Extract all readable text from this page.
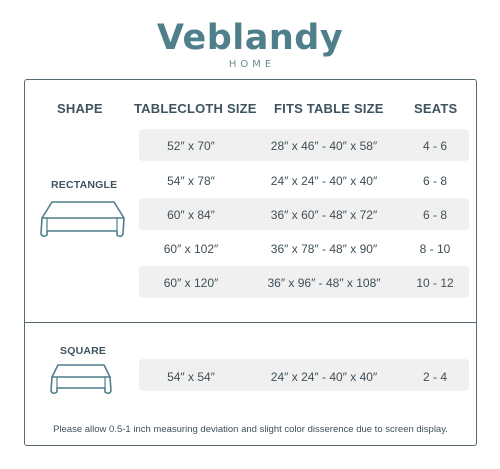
Veblandy
HOME
SHAPE TABLECLOTH SIZE FITS TABLE SIZE SEATS
RECTANGLE
52″ x 70″	28″ x 46″ - 40″ x 58″	4 - 6
54″ x 78″	24″ x 24″ - 40″ x 40″	6 - 8
60″ x 84″	36″ x 60″ - 48″ x 72″	6 - 8
60″ x 102″	36″ x 78″ - 48″ x 90″	8 - 10
60″ x 120″	36″ x 96″ - 48″ x 108″	10 - 12
SQUARE
54″ x 54″	24″ x 24″ - 40″ x 40″	2 - 4
Please allow 0.5-1 inch measuring deviation and slight color disserence due to screen display.
